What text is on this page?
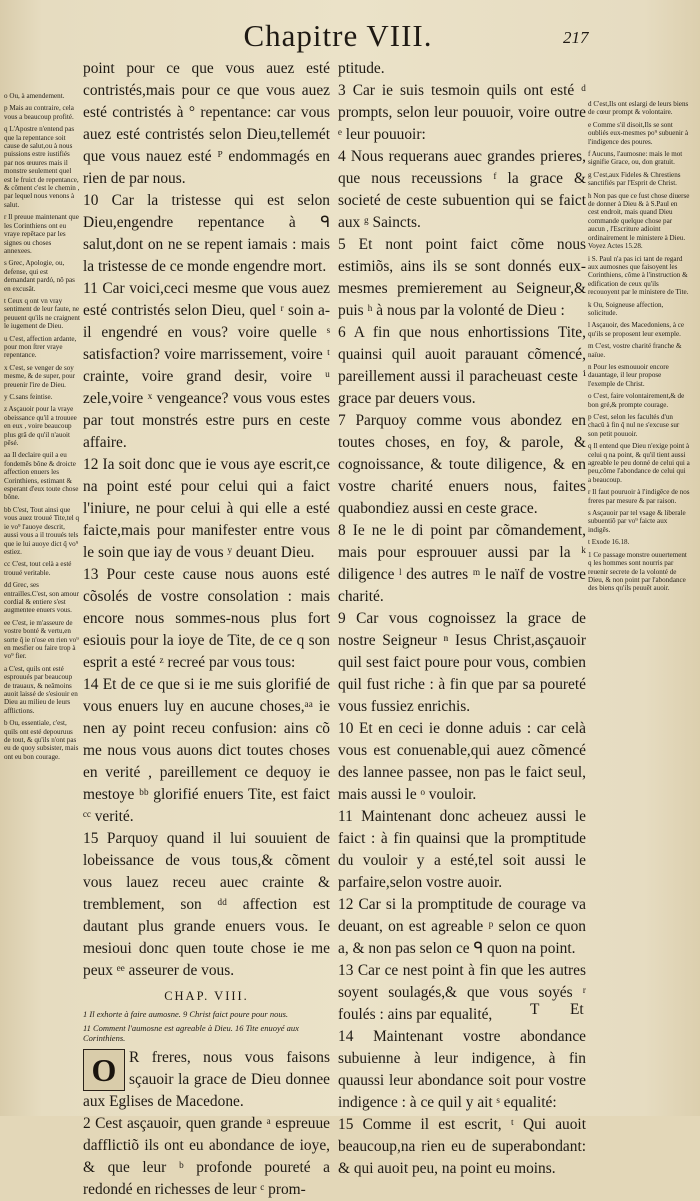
Chapitre VIII.	217
o Ou, à amendement.
p Mais au contraire, cela vous a beaucoup profité.
q L'Apostre n'entend pas que la repentance soit cause de salut,ou à nous puissions estre iustifiés par nos œuures mais il monstre seulement quel est le fruict de repentance, & cõment c'est le chemin , par lequel nous venons à salut.
r Il preuue maintenant que les Corinthiens ont eu vraye repētace par les signes ou choses annexees.
s Grec, Apologie, ou, defense, qui est demandant pardó, nō pas en excusât.
t Ceux q ont vn vray sentiment de leur faute, ne peuuent qu'ils ne craignent le iugement de Dieu.
u C'est, affection ardante, pour mon ſtrer vraye repentance.
x C'est, se venger de soy mesme, & de super, pour preuenir l'ire de Dieu.
y C.sans feintise.
z Asçauoir pour la vraye obeissance qu'il a trouuee en eux , voire beaucoup plus grã de qu'il n'auoit pẽsé.
aa Il declaire quil a eu fondemēs bõne & droicte affection enuers les Corinthiens, estimant & esperant d'eux toute chose bõne.
bb C'est, Tout ainsi que vous auez trouué Tite,tel q ie vo⁹ l'auoye descrit, aussi vous a il trouués tels que ie lui auoye dict q̃ vo⁹ estiez.
cc C'est, tout celà a esté trouué veritable.
dd Grec, ses entrailles.C'est, son amour cordial & entiere s'est augmentee enuers vous.
ee C'est, ie m'asseure de vostre bonté & vertu,en sorte q̃ ie n'ose en rien vo⁹ en mesfier ou faire trop à vo⁹ fier.
a C'est, quils ont esté esprouués par beaucoup de trauaux, & neãmoins auoit laissé de s'esiouir en Dieu au milieu de leurs afflictions.
b Ou, essentiale, c'est, quils ont esté depouruus de tout, & qu'ils n'ont pas eu de quoy subsister, mais ont eu bon courage.

point pour ce que vous auez esté contristés,mais pour ce que vous auez esté contristés à ° repentance: car vous auez esté contristés selon Dieu,tellemét que vous nauez esté ᴾ endommagés en rien de par nous.

10 Car la tristesse qui est selon Dieu,engendre repentance à ᑫ salut,dont on ne se repent iamais : mais la tristesse de ce monde engendre mort.

11 Car voici,ceci mesme que vous auez esté contristés selon Dieu, quel ʳ soin a-il engendré en vous? voire quelle ˢ satisfaction? voire marrissement, voire ᵗ crainte, voire grand desir, voire ᵘ zele,voire ˣ vengeance? vous vous estes par tout monstrés estre purs en ceste affaire.

12 Ia soit donc que ie vous aye escrit,ce na point esté pour celui qui a faict l'iniure, ne pour celui à qui elle a esté faicte,mais pour manifester entre vous le soin que iay de vous ʸ deuant Dieu.

13 Pour ceste cause nous auons esté cõsolés de vostre consolation : mais encore nous sommes-nous plus fort esiouis pour la ioye de Tite, de ce q son esprit a esté ᶻ recreé par vous tous:

14 Et de ce que si ie me suis glorifié de vous enuers luy en aucune choses,ᵃᵃ ie nen ay point receu confusion: ains cõ me nous vous auons dict toutes choses en verité , pareillement ce dequoy ie mestoye ᵇᵇ glorifié enuers Tite, est faict ᶜᶜ verité.

15 Parquoy quand il lui souuient de lobeissance de vous tous,& cõment vous lauez receu auec crainte & tremblement, son ᵈᵈ affection est dautant plus grande enuers vous. Ie mesioui donc quen toute chose ie me peux ᵉᵉ asseurer de vous.

CHAP. VIII.

1 Il exhorte à faire aumosne. 9 Christ faict poure pour nous.

11 Comment l'aumosne est agreable à Dieu. 16 Tite enuoyé aux Corinthiens.

O R freres, nous vous faisons sçauoir la grace de Dieu donnee aux Eglises de Macedone.

2 Cest asçauoir, quen grande ᵃ espreuue dafflictiõ ils ont eu abondance de ioye, & que leur ᵇ profonde poureté a redondé en richesses de leur ᶜ prom-

ptitude.

3 Car ie suis tesmoin quils ont esté ᵈ prompts, selon leur pouuoir, voire outre ᵉ leur pouuoir:

4 Nous requerans auec grandes prieres, que nous receussions ᶠ la grace & societé de ceste subuention qui se faict aux ᵍ Saincts.

5 Et nont point faict cõme nous estimiõs, ains ils se sont donnés eux-mesmes premierement au Seigneur,& puis ʰ à nous par la volonté de Dieu :

6 A fin que nous enhortissions Tite, quainsi quil auoit parauant cõmencé, pareillement aussi il paracheuast ceste ⁱ grace par deuers vous.

7 Parquoy comme vous abondez en toutes choses, en foy, & parole, & cognoissance, & toute diligence, & en vostre charité enuers nous, faites quabondiez aussi en ceste grace.

8 Ie ne le di point par cõmandement, mais pour esprouuer aussi par la ᵏ diligence ˡ des autres ᵐ le naïf de vostre charité.

9 Car vous cognoissez la grace de nostre Seigneur ⁿ Iesus Christ,asçauoir quil sest faict poure pour vous, combien quil fust riche : à fin que par sa poureté vous fussiez enrichis.

10 Et en ceci ie donne aduis : car celà vous est conuenable,qui auez cõmencé des lannee passee, non pas le faict seul, mais aussi le ᵒ vouloir.

11 Maintenant donc acheuez aussi le faict : à fin quainsi que la promptitude du vouloir y a esté,tel soit aussi le parfaire,selon vostre auoir.

12 Car si la promptitude de courage va deuant, on est agreable ᵖ selon ce quon a, & non pas selon ce ᑫ quon na point.

13 Car ce nest point à fin que les autres soyent soulagés,& que vous soyés ʳ foulés : ains par equalité,

14 Maintenant vostre abondance subuienne à leur indigence, à fin quaussi leur abondance soit pour vostre indigence : à ce quil y ait ˢ equalité:

15 Comme il est escrit, ᵗ Qui auoit beaucoup,na rien eu de superabondant: & qui auoit peu, na point eu moins.

d C'est,Ils ont eslargi de leurs biens de cœur prompt & volontaire.
e Comme s'il disoit,Ils se sont oubliés eux-mesmes po⁹ subuenir à l'indigence des poures.
f Aucuns, l'aumosne: mais le mot signifie Grace, ou, don gratuit.
g C'est,aux Fideles & Chrestiens sanctifiés par l'Esprit de Christ.
h Non pas que ce fust chose diuerse de donner à Dieu & à S.Paul en cest endroit, mais quand Dieu commande quelque chose par aucun , l'Escriture adioint ordinairement le ministere à Dieu. Voyez Actes 15.28.
i S. Paul n'a pas ici tant de regard aux aumosnes que faisoyent les Corinthiens, cõme à l'instruction & edification de ceux qu'ils recouoyent par le ministere de Tite.
k Ou, Soigneuse affection, solicitude.
l Asçauoir, des Macedoniens, à ce qu'ils se proposent leur exemple.
m C'est, vostre charité franche & naïue.
n Pour les esmouuoir encore dauantage, il leur propose l'exemple de Christ.
o C'est, faire volontairement,& de bon gré,& prompte courage.
p C'est, selon les facultés d'un chacũ à fin q̃ nul ne s'excuse sur son petit pouuoir.
q Il entend que Dieu n'exige point à celui q na point, & qu'il tient aussi agreable le peu donné de celui qui a peu,cõme l'abondance de celui qui a beaucoup.
r Il faut pouruoir à l'indigēce de nos freres par mesure & par raison.
s Asçauoir par tel vsage & liberale subuentiō par vo⁹ faicte aux indigēs.
t Exode 16.18.
1 Ce passage monstre ouuertement q les hommes sont nourris par reuenir secrete de la volonté de Dieu, & non point par l'abondance des biens qu'ils peuuēt auoir.
T Et
